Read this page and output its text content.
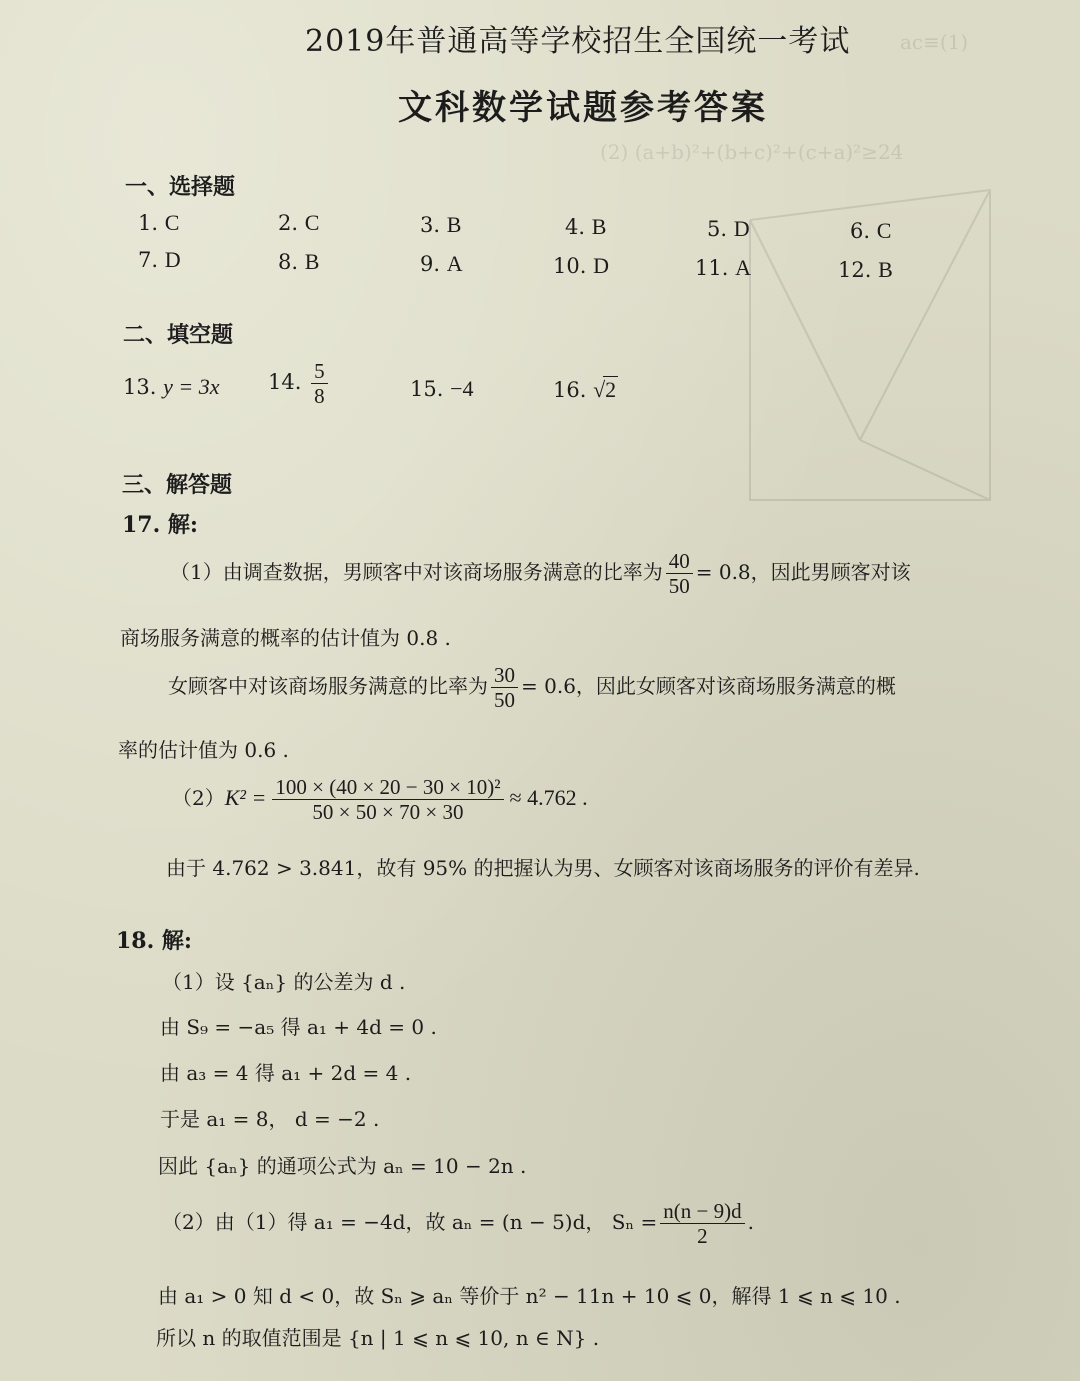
ac≡(1)
(2) (a+b)²+(b+c)²+(c+a)²≥24
2019年普通高等学校招生全国统一考试
文科数学试题参考答案
一、选择题
1. C	2. C	3. B	4. B	5. D	6. C
7. D	8. B	9. A	10. D	11. A	12. B
二、填空题
13. y = 3x 14. $\frac{5}{8}$	15. −4	16. √2
三、解答题
17. 解:
（1）由调查数据，男顾客中对该商场服务满意的比率为 $\frac{40}{50} = 0.8$，因此男顾客对该
商场服务满意的概率的估计值为 0.8 .
女顾客中对该商场服务满意的比率为 $\frac{30}{50} = 0.6$，因此女顾客对该商场服务满意的概
率的估计值为 0.6 .
$(2)K^2 = \frac{\text{100 × (40 × 20 − 30 × 10)²}}{50 \times 50 \times 70 \times 30} \approx 4.762$ .
由于 4.762 > 3.841，故有 95% 的把握认为男、女顾客对该商场服务的评价有差异.
18. 解:
（1）设 {aₙ} 的公差为 d .
由 S₉ = −a₅ 得 a₁ + 4d = 0 .
由 a₃ = 4 得 a₁ + 2d = 4 .
于是 a₁ = 8， d = −2 .
因此 {aₙ} 的通项公式为 aₙ = 10 − 2n .
（2）由（1）得 a₁ = −4d，故 aₙ = (n − 5)d， $S_n = \frac{n(n - 9)d}{2}$ .
由 a₁ > 0 知 d < 0，故 Sₙ ⩾ aₙ 等价于 n² − 11n + 10 ⩽ 0，解得 1 ⩽ n ⩽ 10 .
所以 n 的取值范围是 {n | 1 ⩽ n ⩽ 10, n ∈ N} .
